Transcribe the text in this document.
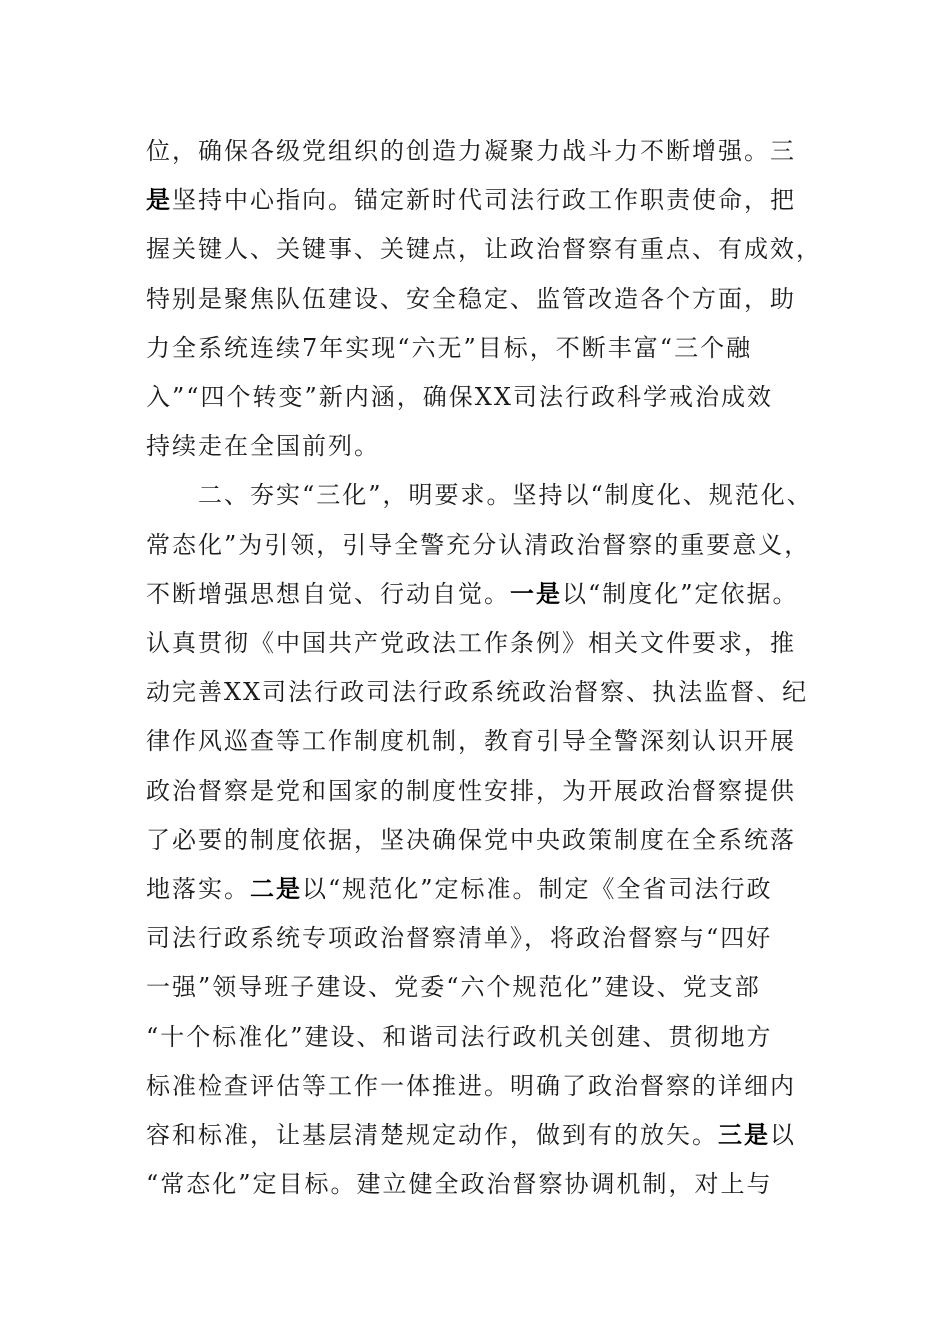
位，确保各级党组织的创造力凝聚力战斗力不断增强。三
是坚持中心指向。锚定新时代司法行政工作职责使命，把
握关键人、关键事、关键点，让政治督察有重点、有成效，
特别是聚焦队伍建设、安全稳定、监管改造各个方面，助
力全系统连续7年实现“六无”目标，不断丰富“三个融
入”“四个转变”新内涵，确保XX司法行政科学戒治成效
持续走在全国前列。
　　二、夯实“三化”，明要求。坚持以“制度化、规范化、
常态化”为引领，引导全警充分认清政治督察的重要意义，
不断增强思想自觉、行动自觉。一是以“制度化”定依据。
认真贯彻《中国共产党政法工作条例》相关文件要求，推
动完善XX司法行政司法行政系统政治督察、执法监督、纪
律作风巡查等工作制度机制，教育引导全警深刻认识开展
政治督察是党和国家的制度性安排，为开展政治督察提供
了必要的制度依据，坚决确保党中央政策制度在全系统落
地落实。二是以“规范化”定标准。制定《全省司法行政
司法行政系统专项政治督察清单》，将政治督察与“四好
一强”领导班子建设、党委“六个规范化”建设、党支部
“十个标准化”建设、和谐司法行政机关创建、贯彻地方
标准检查评估等工作一体推进。明确了政治督察的详细内
容和标准，让基层清楚规定动作，做到有的放矢。三是以
“常态化”定目标。建立健全政治督察协调机制，对上与
